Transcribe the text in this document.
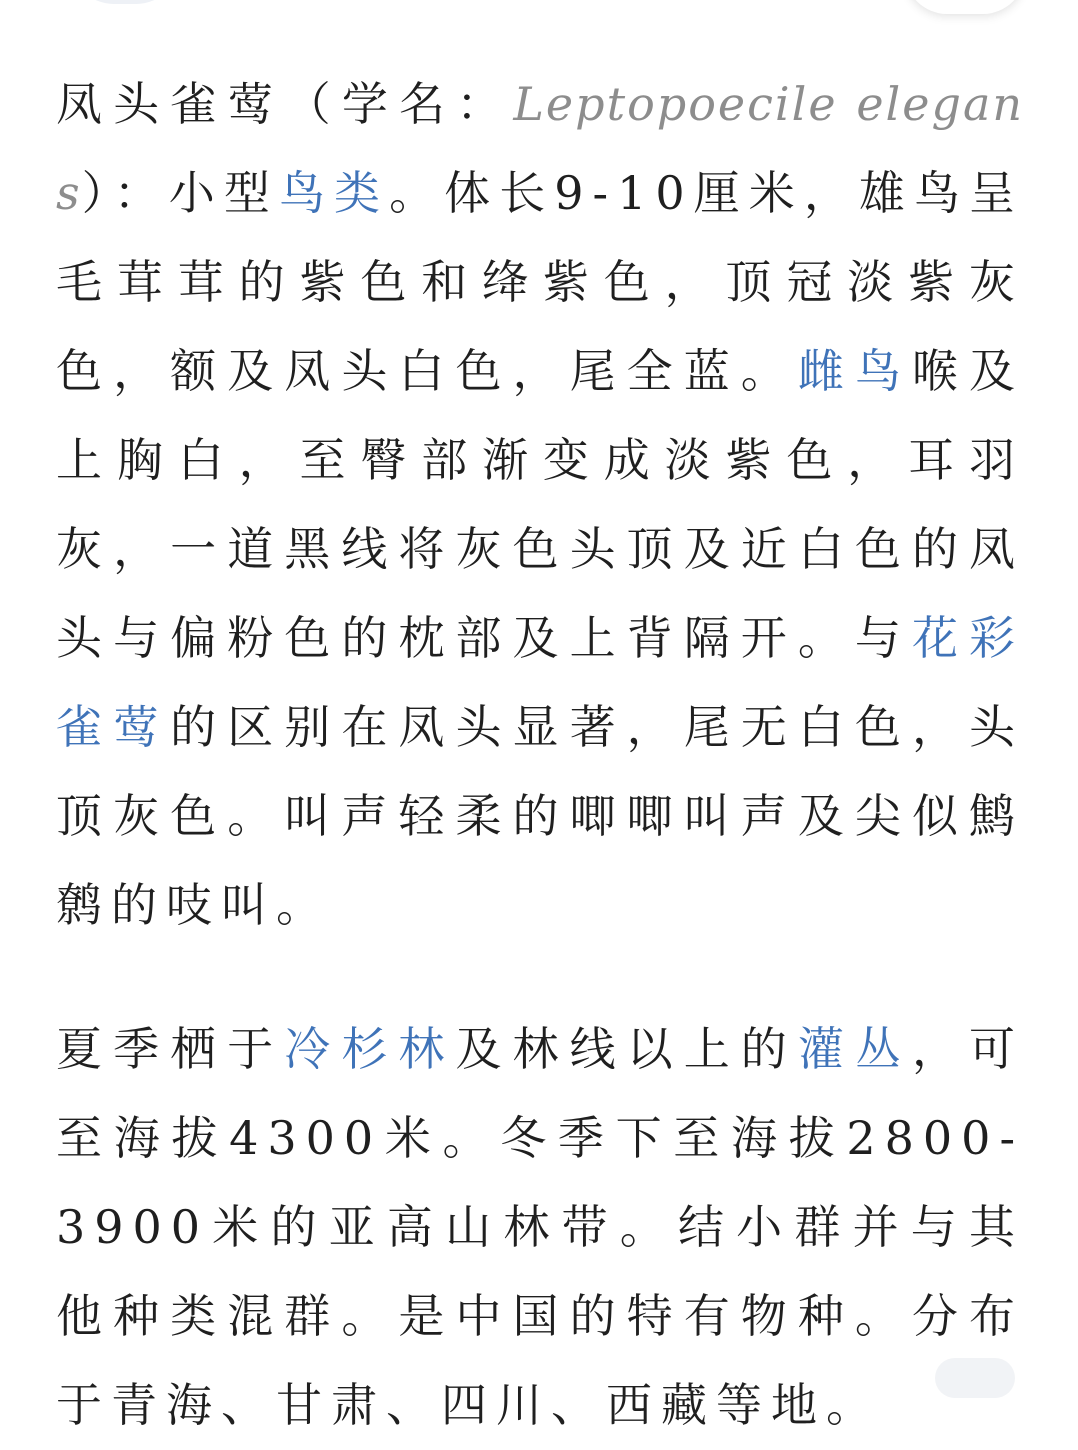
凤头雀莺（学名：Leptopoecile elegans）：小型鸟类。体长9-10厘米，雄鸟呈毛茸茸的紫色和绛紫色，顶冠淡紫灰色，额及凤头白色，尾全蓝。雌鸟喉及上胸白，至臀部渐变成淡紫色，耳羽灰，一道黑线将灰色头顶及近白色的凤头与偏粉色的枕部及上背隔开。与花彩雀莺的区别在凤头显著，尾无白色，头顶灰色。叫声轻柔的唧唧叫声及尖似鹪鹩的吱叫。

夏季栖于冷杉林及林线以上的灌丛，可至海拔4300米。冬季下至海拔2800-3900米的亚高山林带。结小群并与其他种类混群。是中国的特有物种。分布于青海、甘肃、四川、西藏等地。
